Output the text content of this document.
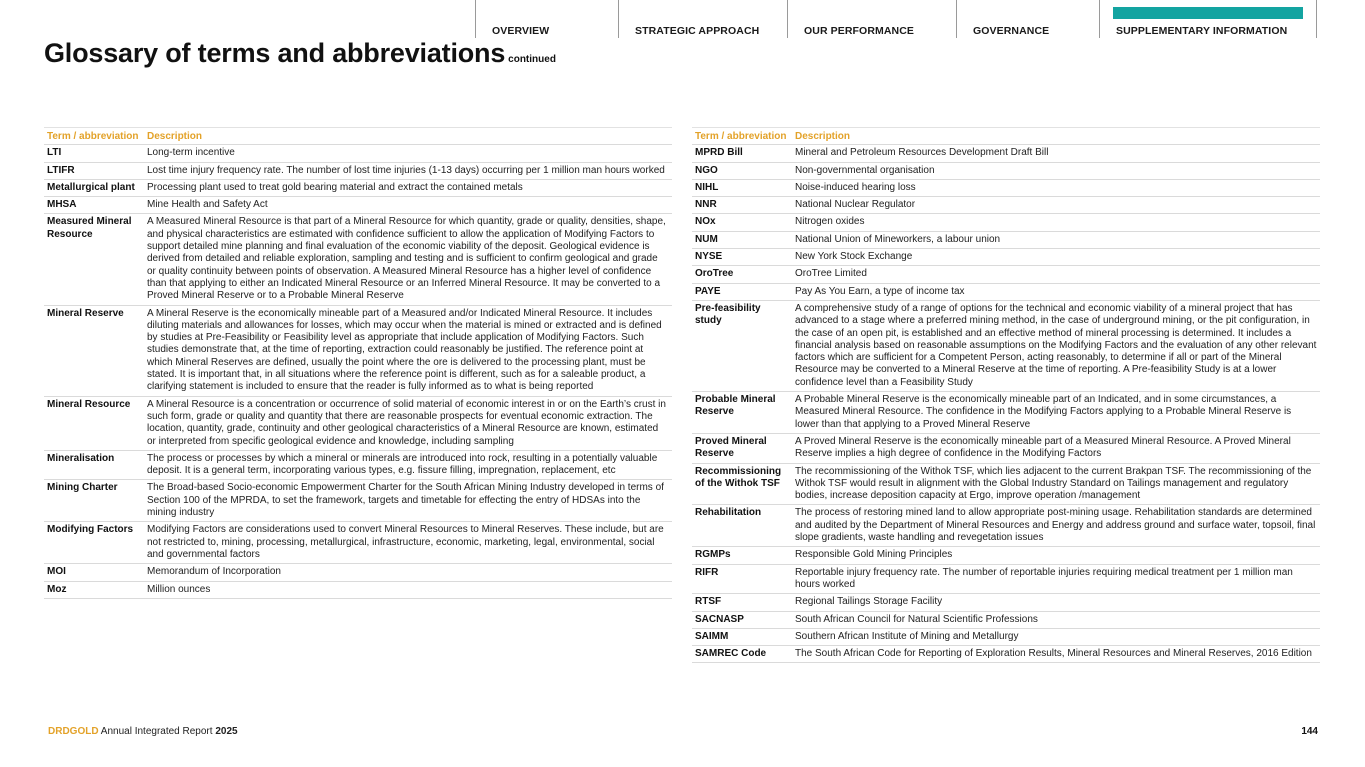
OVERVIEW	STRATEGIC APPROACH	OUR PERFORMANCE	GOVERNANCE	SUPPLEMENTARY INFORMATION
Glossary of terms and abbreviations continued
Term / abbreviation	Description
LTI	Long-term incentive
LTIFR	Lost time injury frequency rate. The number of lost time injuries (1-13 days) occurring per 1 million man hours worked
Metallurgical plant	Processing plant used to treat gold bearing material and extract the contained metals
MHSA	Mine Health and Safety Act
Measured Mineral Resource	A Measured Mineral Resource is that part of a Mineral Resource for which quantity, grade or quality, densities, shape, and physical characteristics are estimated with confidence sufficient to allow the application of Modifying Factors to support detailed mine planning and final evaluation of the economic viability of the deposit. Geological evidence is derived from detailed and reliable exploration, sampling and testing and is sufficient to confirm geological and grade or quality continuity between points of observation. A Measured Mineral Resource has a higher level of confidence than that applying to either an Indicated Mineral Resource or an Inferred Mineral Resource. It may be converted to a Proved Mineral Reserve or to a Probable Mineral Reserve
Mineral Reserve	A Mineral Reserve is the economically mineable part of a Measured and/or Indicated Mineral Resource. It includes diluting materials and allowances for losses, which may occur when the material is mined or extracted and is defined by studies at Pre-Feasibility or Feasibility level as appropriate that include application of Modifying Factors. Such studies demonstrate that, at the time of reporting, extraction could reasonably be justified. The reference point at which Mineral Reserves are defined, usually the point where the ore is delivered to the processing plant, must be stated. It is important that, in all situations where the reference point is different, such as for a saleable product, a clarifying statement is included to ensure that the reader is fully informed as to what is being reported
Mineral Resource	A Mineral Resource is a concentration or occurrence of solid material of economic interest in or on the Earth’s crust in such form, grade or quality and quantity that there are reasonable prospects for eventual economic extraction. The location, quantity, grade, continuity and other geological characteristics of a Mineral Resource are known, estimated or interpreted from specific geological evidence and knowledge, including sampling
Mineralisation	The process or processes by which a mineral or minerals are introduced into rock, resulting in a potentially valuable deposit. It is a general term, incorporating various types, e.g. fissure filling, impregnation, replacement, etc
Mining Charter	The Broad-based Socio-economic Empowerment Charter for the South African Mining Industry developed in terms of Section 100 of the MPRDA, to set the framework, targets and timetable for effecting the entry of HDSAs into the mining industry
Modifying Factors	Modifying Factors are considerations used to convert Mineral Resources to Mineral Reserves. These include, but are not restricted to, mining, processing, metallurgical, infrastructure, economic, marketing, legal, environmental, social and governmental factors
MOI	Memorandum of Incorporation
Moz	Million ounces
Term / abbreviation	Description
MPRD Bill	Mineral and Petroleum Resources Development Draft Bill
NGO	Non-governmental organisation
NIHL	Noise-induced hearing loss
NNR	National Nuclear Regulator
NOx	Nitrogen oxides
NUM	National Union of Mineworkers, a labour union
NYSE	New York Stock Exchange
OroTree	OroTree Limited
PAYE	Pay As You Earn, a type of income tax
Pre-feasibility study	A comprehensive study of a range of options for the technical and economic viability of a mineral project that has advanced to a stage where a preferred mining method, in the case of underground mining, or the pit configuration, in the case of an open pit, is established and an effective method of mineral processing is determined. It includes a financial analysis based on reasonable assumptions on the Modifying Factors and the evaluation of any other relevant factors which are sufficient for a Competent Person, acting reasonably, to determine if all or part of the Mineral Resource may be converted to a Mineral Reserve at the time of reporting. A Pre-feasibility Study is at a lower confidence level than a Feasibility Study
Probable Mineral Reserve	A Probable Mineral Reserve is the economically mineable part of an Indicated, and in some circumstances, a Measured Mineral Resource. The confidence in the Modifying Factors applying to a Probable Mineral Reserve is lower than that applying to a Proved Mineral Reserve
Proved Mineral Reserve	A Proved Mineral Reserve is the economically mineable part of a Measured Mineral Resource. A Proved Mineral Reserve implies a high degree of confidence in the Modifying Factors
Recommissioning of the Withok TSF	The recommissioning of the Withok TSF, which lies adjacent to the current Brakpan TSF. The recommissioning of the Withok TSF would result in alignment with the Global Industry Standard on Tailings management and regulatory bodies, increase deposition capacity at Ergo, improve operation /management

Rehabilitation	The process of restoring mined land to allow appropriate post-mining usage. Rehabilitation standards are determined and audited by the Department of Mineral Resources and Energy and address ground and surface water, topsoil, final slope gradients, waste handling and revegetation issues
RGMPs	Responsible Gold Mining Principles
RIFR	Reportable injury frequency rate. The number of reportable injuries requiring medical treatment per 1 million man hours worked
RTSF	Regional Tailings Storage Facility
SACNASP	South African Council for Natural Scientific Professions
SAIMM	Southern African Institute of Mining and Metallurgy
SAMREC Code	The South African Code for Reporting of Exploration Results, Mineral Resources and Mineral Reserves, 2016 Edition
DRDGOLD Annual Integrated Report 2025	144
